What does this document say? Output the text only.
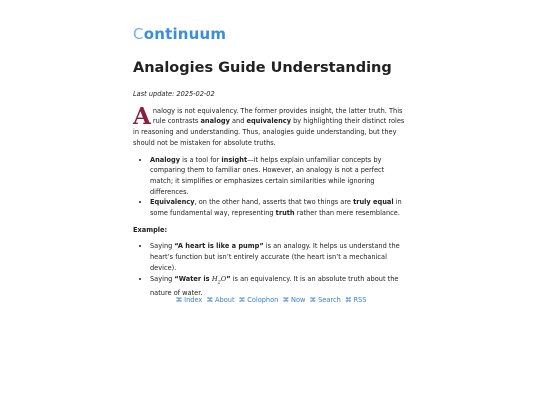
Continuum
Analogies Guide Understanding

Last update: 2025-02-02

Analogy is not equivalency. The former provides insight, the latter truth. This rule contrasts analogy and equivalency by highlighting their distinct roles in reasoning and understanding. Thus, analogies guide understanding, but they should not be mistaken for absolute truths.

• Analogy is a tool for insight—it helps explain unfamiliar concepts by comparing them to familiar ones. However, an analogy is not a perfect match; it simplifies or emphasizes certain similarities while ignoring differences.
• Equivalency, on the other hand, asserts that two things are truly equal in some fundamental way, representing truth rather than mere resemblance.

Example:

• Saying “A heart is like a pump” is an analogy. It helps us understand the heart’s function but isn’t entirely accurate (the heart isn’t a mechanical device).
• Saying “Water is $H_2O$” is an equivalency. It is an absolute truth about the nature of water.
⌘ Index ⌘ About ⌘ Colophon ⌘ Now ⌘ Search ⌘ RSS
